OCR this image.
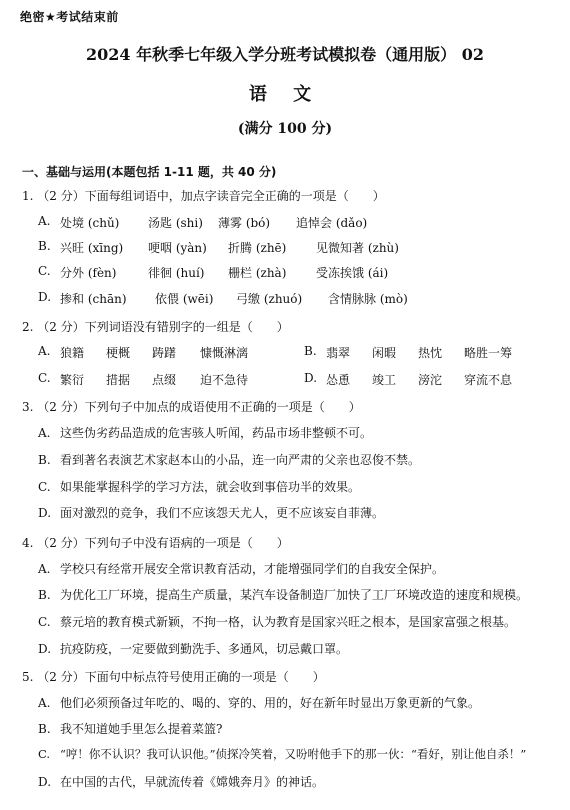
绝密★考试结束前
2024 年秋季七年级入学分班考试模拟卷（通用版） 02
语 文
(满分 100 分)
一、基础与运用(本题包括 1-11 题，共 40 分)
1. （2 分）下面每组词语中，加点字读音完全正确的一项是（　　）
A. 处境 (chǔ) 汤匙 (shi) 薄雾 (bó) 追悼会 (dǎo)
B. 兴旺 (xīng) 哽咽 (yàn) 折腾 (zhē) 见微知著 (zhù)
C. 分外 (fèn)	徘徊 (huí) 栅栏 (zhà) 受冻挨饿 (ái)
D. 掺和 (chān) 依偎 (wēi) 弓缴 (zhuó) 含情脉脉 (mò)
2. （2 分）下列词语没有错别字的一组是（　　）
A. 狼籍 梗概 踌躇 慷慨淋漓	B. 翡翠 闲暇 热忱 略胜一筹
C. 繁衍 措据 点缀 迫不急待	D. 怂恿 竣工 滂沱 穿流不息
3. （2 分）下列句子中加点的成语使用不正确的一项是（　　）
A. 这些伪劣药品造成的危害骇人听闻，药品市场非整顿不可。
B. 看到著名表演艺术家赵本山的小品，连一向严肃的父亲也忍俊不禁。
C. 如果能掌握科学的学习方法，就会收到事倍功半的效果。
D. 面对激烈的竞争，我们不应该怨天尤人，更不应该妄自菲薄。
4. （2 分）下列句子中没有语病的一项是（　　）
A. 学校只有经常开展安全常识教育活动，才能增强同学们的自我安全保护。
B. 为优化工厂环境，提高生产质量，某汽车设备制造厂加快了工厂环境改造的速度和规模。
C. 蔡元培的教育模式新颖，不拘一格，认为教育是国家兴旺之根本，是国家富强之根基。
D. 抗疫防疫，一定要做到勤洗手、多通风，切忌戴口罩。
5. （2 分）下面句中标点符号使用正确的一项是（　　）
A. 他们必须预备过年吃的、喝的、穿的、用的，好在新年时显出万象更新的气象。
B. 我不知道她手里怎么提着菜篮?
C. “哼！你不认识？我可认识他。”侦探冷笑着，又吩咐他手下的那一伙：“看好，别让他自杀！”
D. 在中国的古代，早就流传着《嫦娥奔月》的神话。
